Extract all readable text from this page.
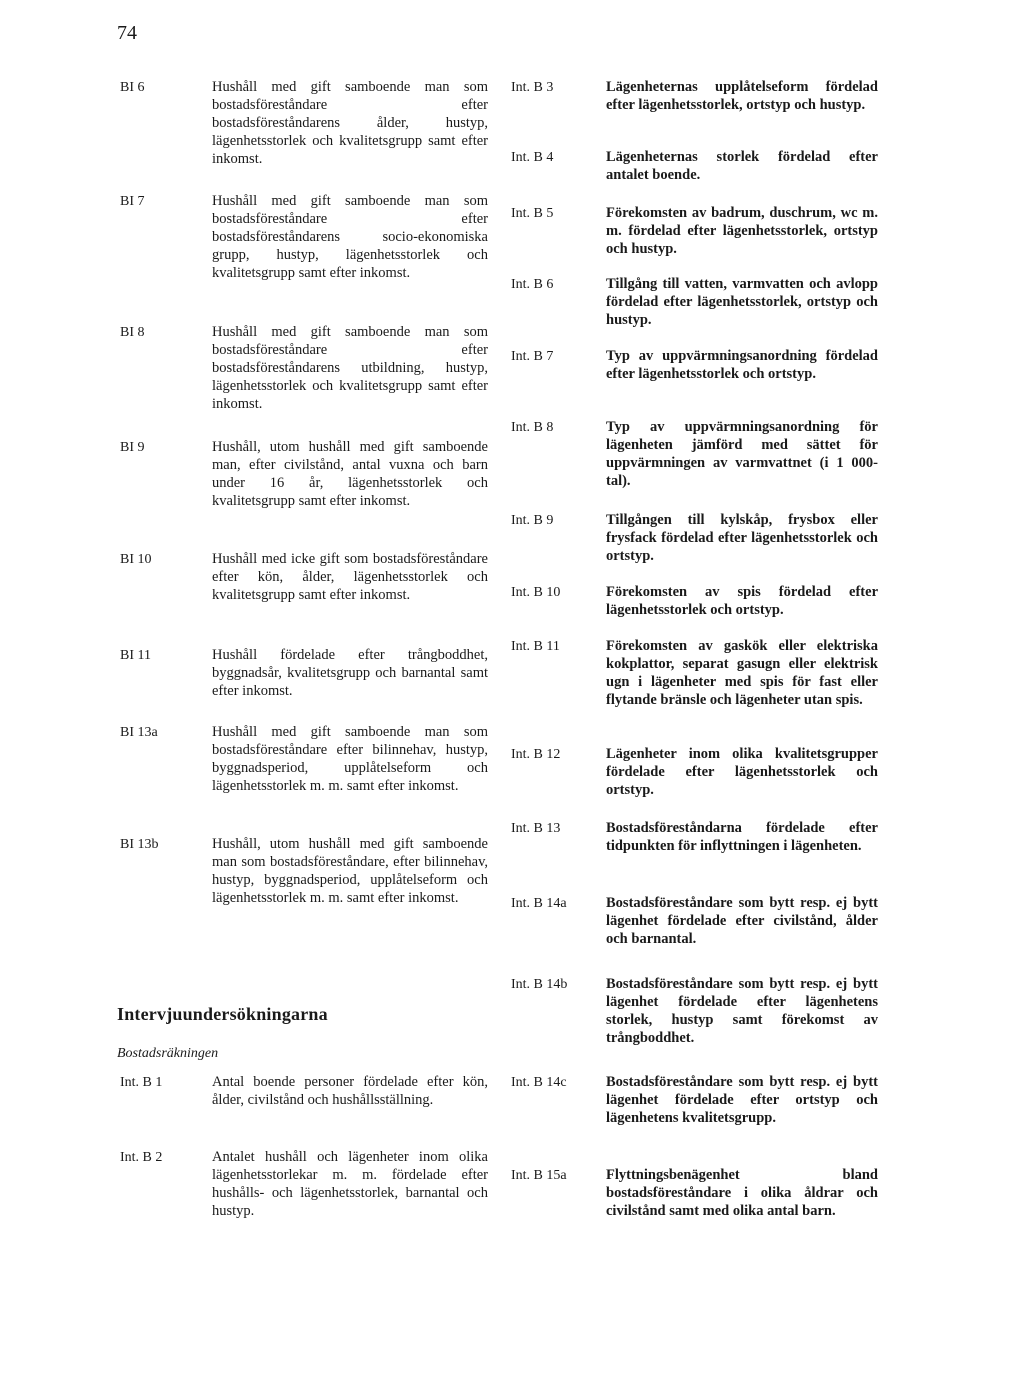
74
BI 6	Hushåll med gift samboende man som bostadsföreståndare efter bostadsföreståndarens ålder, hustyp, lägenhetsstorlek och kvalitetsgrupp samt efter inkomst.
BI 7	Hushåll med gift samboende man som bostadsföreståndare efter bostadsföreståndarens socio-ekonomiska grupp, hustyp, lägenhetsstorlek och kvalitetsgrupp samt efter inkomst.
BI 8	Hushåll med gift samboende man som bostadsföreståndare efter bostadsföreståndarens utbildning, hustyp, lägenhetsstorlek och kvalitetsgrupp samt efter inkomst.
BI 9	Hushåll, utom hushåll med gift samboende man, efter civilstånd, antal vuxna och barn under 16 år, lägenhetsstorlek och kvalitetsgrupp samt efter inkomst.
BI 10	Hushåll med icke gift som bostadsföreståndare efter kön, ålder, lägenhetsstorlek och kvalitetsgrupp samt efter inkomst.
BI 11	Hushåll fördelade efter trångboddhet, byggnadsår, kvalitetsgrupp och barnantal samt efter inkomst.
BI 13a	Hushåll med gift samboende man som bostadsföreståndare efter bilinnehav, hustyp, byggnadsperiod, upplåtelseform och lägenhetsstorlek m. m. samt efter inkomst.
BI 13b	Hushåll, utom hushåll med gift samboende man som bostadsföreståndare, efter bilinnehav, hustyp, byggnadsperiod, upplåtelseform och lägenhetsstorlek m. m. samt efter inkomst.
Intervjuundersökningarna
Bostadsräkningen
Int. B 1	Antal boende personer fördelade efter kön, ålder, civilstånd och hushållsställning.
Int. B 2	Antalet hushåll och lägenheter inom olika lägenhetsstorlekar m. m. fördelade efter hushålls- och lägenhetsstorlek, barnantal och hustyp.
Int. B 3	Lägenheternas upplåtelseform fördelad efter lägenhetsstorlek, ortstyp och hustyp.
Int. B 4	Lägenheternas storlek fördelad efter antalet boende.
Int. B 5	Förekomsten av badrum, duschrum, wc m. m. fördelad efter lägenhetsstorlek, ortstyp och hustyp.
Int. B 6	Tillgång till vatten, varmvatten och avlopp fördelad efter lägenhetsstorlek, ortstyp och hustyp.
Int. B 7	Typ av uppvärmningsanordning fördelad efter lägenhetsstorlek och ortstyp.
Int. B 8	Typ av uppvärmningsanordning för lägenheten jämförd med sättet för uppvärmningen av varmvattnet (i 1 000-tal).
Int. B 9	Tillgången till kylskåp, frysbox eller frysfack fördelad efter lägenhetsstorlek och ortstyp.
Int. B 10	Förekomsten av spis fördelad efter lägenhetsstorlek och ortstyp.
Int. B 11	Förekomsten av gaskök eller elektriska kokplattor, separat gasugn eller elektrisk ugn i lägenheter med spis för fast eller flytande bränsle och lägenheter utan spis.
Int. B 12	Lägenheter inom olika kvalitetsgrupper fördelade efter lägenhetsstorlek och ortstyp.
Int. B 13	Bostadsföreståndarna fördelade efter tidpunkten för inflyttningen i lägenheten.
Int. B 14a	Bostadsföreståndare som bytt resp. ej bytt lägenhet fördelade efter civilstånd, ålder och barnantal.
Int. B 14b	Bostadsföreståndare som bytt resp. ej bytt lägenhet fördelade efter lägenhetens storlek, hustyp samt förekomst av trångboddhet.
Int. B 14c	Bostadsföreståndare som bytt resp. ej bytt lägenhet fördelade efter ortstyp och lägenhetens kvalitetsgrupp.
Int. B 15a	Flyttningsbenägenhet bland bostadsföreståndare i olika åldrar och civilstånd samt med olika antal barn.
